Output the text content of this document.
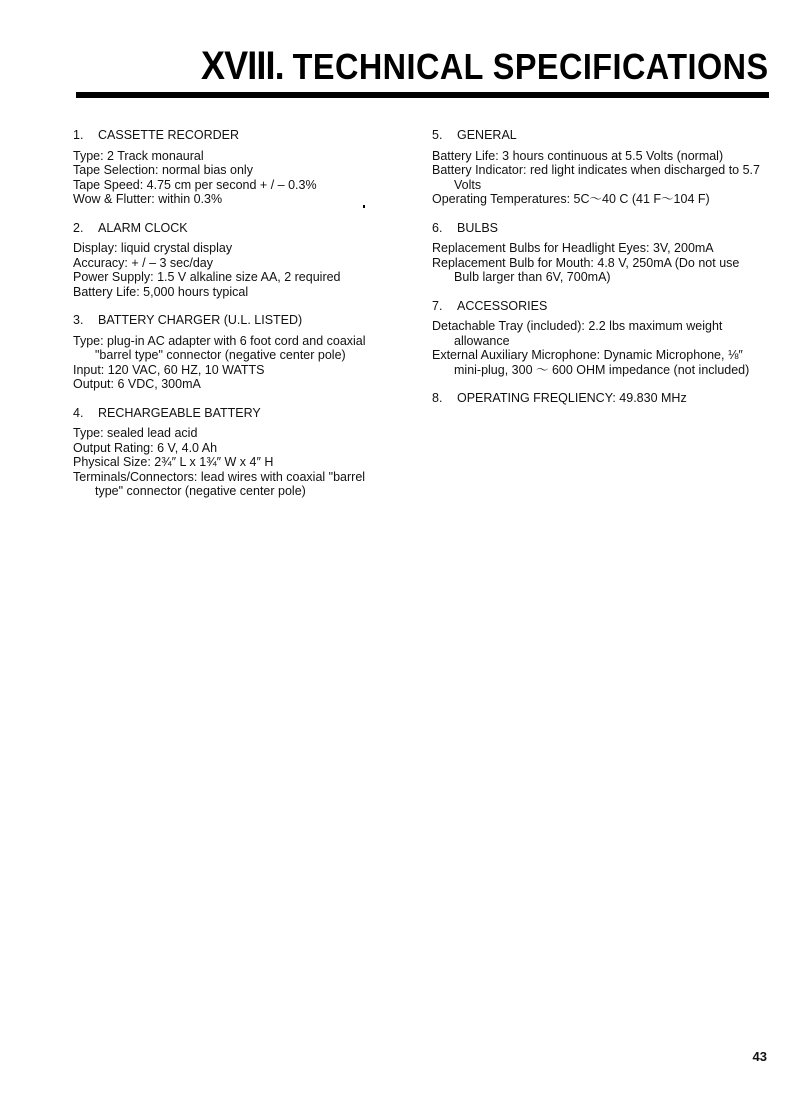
XVIII. TECHNICAL SPECIFICATIONS

1. CASSETTE RECORDER

Type: 2 Track monaural

Tape Selection: normal bias only

Tape Speed: 4.75 cm per second + / – 0.3%

Wow & Flutter: within 0.3%

2. ALARM CLOCK

Display: liquid crystal display

Accuracy: + / – 3 sec/day

Power Supply: 1.5 V alkaline size AA, 2 required

Battery Life: 5,000 hours typical

3. BATTERY CHARGER (U.L. LISTED)

Type: plug-in AC adapter with 6 foot cord and coaxial "barrel type" connector (negative center pole)

Input: 120 VAC, 60 HZ, 10 WATTS

Output: 6 VDC, 300mA

4. RECHARGEABLE BATTERY

Type: sealed lead acid

Output Rating: 6 V, 4.0 Ah

Physical Size: 2¾″ L x 1¾″ W x 4″ H

Terminals/Connectors: lead wires with coaxial "barrel type" connector (negative center pole)

5. GENERAL

Battery Life: 3 hours continuous at 5.5 Volts (normal)

Battery Indicator: red light indicates when discharged to 5.7 Volts

Operating Temperatures: 5C～40 C (41 F～104 F)

6. BULBS

Replacement Bulbs for Headlight Eyes: 3V, 200mA

Replacement Bulb for Mouth: 4.8 V, 250mA (Do not use Bulb larger than 6V, 700mA)

7. ACCESSORIES

Detachable Tray (included): 2.2 lbs maximum weight allowance

External Auxiliary Microphone: Dynamic Microphone, ⅛″ mini-plug, 300 ～ 600 OHM impedance (not included)

8. OPERATING FREQLIENCY: 49.830 MHz

43
